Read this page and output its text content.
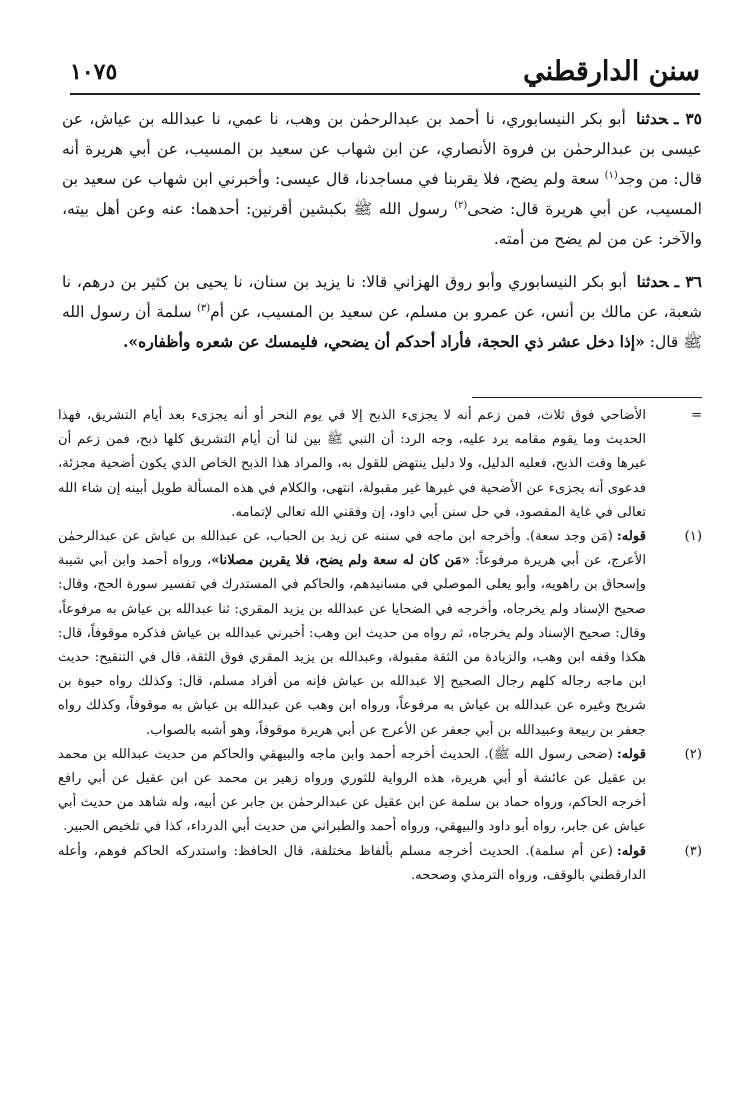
سنن الدارقطني
١٠٧٥

٣٥ ـحدثنا أبو بكر النيسابوري، نا أحمد بن عبدالرحمٰن بن وهب، نا عمي، نا عبدالله بن عياش، عن عيسى بن عبدالرحمٰن بن فروة الأنصاري، عن ابن شهاب عن سعيد بن المسيب، عن أبي هريرة أنه قال: من وجد$^{(١)}$ سعة ولم يضح، فلا يقربنا في مساجدنا، قال عيسى: وأخبرني ابن شهاب عن سعيد بن المسيب، عن أبي هريرة قال: ضحى$^{(٢)}$ رسول الله ﷺ بكبشين أقرنين: أحدهما: عنه وعن أهل بيته، والآخر: عن من لم يضح من أمته.

٣٦ ـحدثنا أبو بكر النيسابوري وأبو روق الهزاني قالا: نا يزيد بن سنان، نا يحيى بن كثير بن درهم، نا شعبة، عن مالك بن أنس، عن عمرو بن مسلم، عن سعيد بن المسيب، عن أم$^{(٣)}$ سلمة أن رسول الله ﷺ قال: «إذا دخل عشر ذي الحجة، فأراد أحدكم أن يضحي، فليمسك عن شعره وأظفاره».

=
الأضاحي فوق ثلاث، فمن زعم أنه لا يجزىء الذبح إلا في يوم النحر أو أنه يجزىء بعد أيام التشريق، فهذا الحديث وما يقوم مقامه يرد عليه، وجه الرد: أن النبي ﷺ بين لنا أن أيام التشريق كلها ذبح، فمن زعم أن غيرها وقت الذبح، فعليه الدليل، ولا دليل ينتهض للقول به، والمراد هذا الذبح الخاص الذي يكون أضحية مجزئة، فدعوى أنه يجزىء عن الأضحية في غيرها غير مقبولة، انتهى، والكلام في هذه المسألة طويل أبينه إن شاء الله تعالى في غاية المقصود، في حل سنن أبي داود، إن وفقني الله تعالى لإتمامه.

(١)
قوله:(مَن وجد سعة). وأخرجه ابن ماجه في سننه عن زيد بن الحباب، عن عبدالله بن عياش عن عبدالرحمٰن الأعرج، عن أبي هريرة مرفوعاً: «مَن كان له سعة ولم يضح، فلا يقربن مصلانا»، ورواه أحمد وابن أبي شيبة وإسحاق بن راهويه، وأبو يعلى الموصلي في مسانيدهم، والحاكم في المستدرك في تفسير سورة الحج، وقال: صحيح الإسناد ولم يخرجاه، وأخرجه في الضحايا عن عبدالله بن يزيد المقري: ثنا عبدالله بن عياش به مرفوعاً، وقال: صحيح الإسناد ولم يخرجاه، ثم رواه من حديث ابن وهب: أخبرني عبدالله بن عياش فذكره موقوفاً، قال: هكذا وقفه ابن وهب، والزيادة من الثقة مقبولة، وعبدالله بن يزيد المقري فوق الثقة، قال في التنقيح: حديث ابن ماجه رجاله كلهم رجال الصحيح إلا عبدالله بن عياش فإنه من أفراد مسلم، قال: وكذلك رواه حيوة بن شريح وغيره عن عبدالله بن عياش به مرفوعاً، ورواه ابن وهب عن عبدالله بن عياش به موقوفاً، وكذلك رواه جعفر بن ربيعة وعبيدالله بن أبي جعفر عن الأعرج عن أبي هريرة موقوفاً، وهو أشبه بالصواب.

(٢)
قوله:(ضحى رسول الله ﷺ). الحديث أخرجه أحمد وابن ماجه والبيهقي والحاكم من حديث عبدالله بن محمد بن عقيل عن عائشة أو أبي هريرة، هذه الرواية للثوري ورواه زهير بن محمد عن ابن عقيل عن أبي رافع أخرجه الحاكم، ورواه حماد بن سلمة عن ابن عقيل عن عبدالرحمٰن بن جابر عن أبيه، وله شاهد من حديث أبي عياش عن جابر، رواه أبو داود والبيهقي، ورواه أحمد والطبراني من حديث أبي الدرداء، كذا في تلخيص الحبير.

(٣)
قوله:(عن أم سلمة). الحديث أخرجه مسلم بألفاظ مختلفة، قال الحافظ: واستدركه الحاكم فوهم، وأعله الدارقطني بالوقف، ورواه الترمذي وصححه.
